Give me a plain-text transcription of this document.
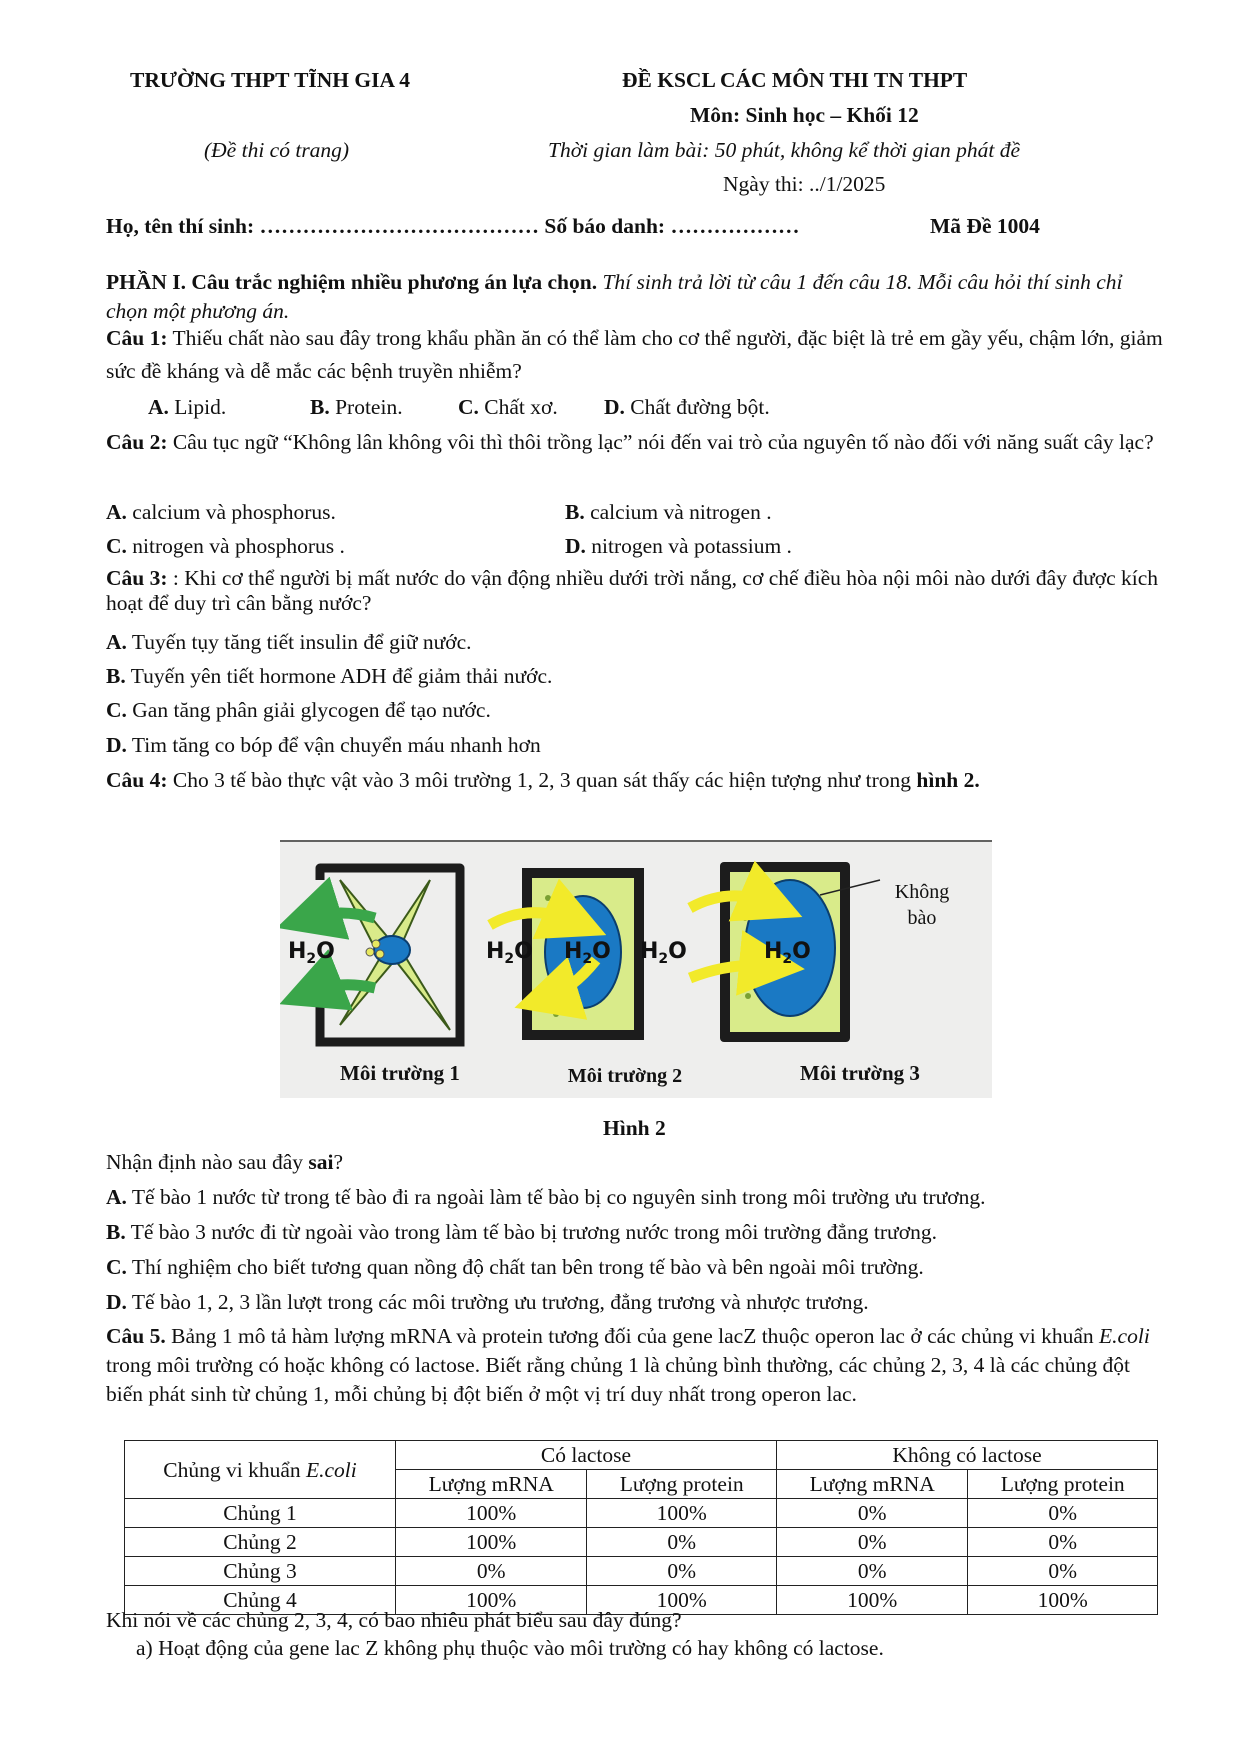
TRƯỜNG THPT TĨNH GIA 4	ĐỀ KSCL CÁC MÔN THI TN THPT
Môn: Sinh học – Khối 12
(Đề thi có trang)	Thời gian làm bài: 50 phút, không kể thời gian phát đề
Ngày thi: ../1/2025
Họ, tên thí sinh: ………………………………… Số báo danh: ………………	Mã Đề 1004
PHẦN I. Câu trắc nghiệm nhiều phương án lựa chọn. Thí sinh trả lời từ câu 1 đến câu 18. Mỗi câu hỏi thí sinh chỉ chọn một phương án.
Câu 1: Thiếu chất nào sau đây trong khẩu phần ăn có thể làm cho cơ thể người, đặc biệt là trẻ em gầy yếu, chậm lớn, giảm sức đề kháng và dễ mắc các bệnh truyền nhiễm?
A. Lipid.	B. Protein.	C. Chất xơ. D. Chất đường bột.
Câu 2: Câu tục ngữ “Không lân không vôi thì thôi trồng lạc” nói đến vai trò của nguyên tố nào đối với năng suất cây lạc?
A. calcium và phosphorus.	B. calcium và nitrogen .
C. nitrogen và phosphorus .	D. nitrogen và potassium .
Câu 3: : Khi cơ thể người bị mất nước do vận động nhiều dưới trời nắng, cơ chế điều hòa nội môi nào dưới đây được kích hoạt để duy trì cân bằng nước?
A. Tuyến tụy tăng tiết insulin để giữ nước.
B. Tuyến yên tiết hormone ADH để giảm thải nước.
C. Gan tăng phân giải glycogen để tạo nước.
D. Tim tăng co bóp để vận chuyển máu nhanh hơn
Câu 4: Cho 3 tế bào thực vật vào 3 môi trường 1, 2, 3 quan sát thấy các hiện tượng như trong hình 2.
$H_2O$	$H_2O$ $H_2O$ $H_2O$	$H_2O$
Không
bào
Môi trường 1	Môi trường 2	Môi trường 3
Hình 2
Nhận định nào sau đây sai?
A. Tế bào 1 nước từ trong tế bào đi ra ngoài làm tế bào bị co nguyên sinh trong môi trường ưu trương.
B. Tế bào 3 nước đi từ ngoài vào trong làm tế bào bị trương nước trong môi trường đẳng trương.
C. Thí nghiệm cho biết tương quan nồng độ chất tan bên trong tế bào và bên ngoài môi trường.
D. Tế bào 1, 2, 3 lần lượt trong các môi trường ưu trương, đẳng trương và nhược trương.
Câu 5. Bảng 1 mô tả hàm lượng mRNA và protein tương đối của gene lacZ thuộc operon lac ở các chủng vi khuẩn E.coli trong môi trường có hoặc không có lactose. Biết rằng chủng 1 là chủng bình thường, các chủng 2, 3, 4 là các chủng đột biến phát sinh từ chủng 1, mỗi chủng bị đột biến ở một vị trí duy nhất trong operon lac.
Chủng vi khuẩn E.coli	Có lactose		Không có lactose	
	Lượng mRNA	Lượng protein	Lượng mRNA	Lượng protein
Chủng 1	100%	100%	0%	0%
Chủng 2	100%	0%	0%	0%
Chủng 3	0%	0%	0%	0%
Chủng 4	100%	100%	100%	100%
Khi nói về các chủng 2, 3, 4, có bao nhiêu phát biểu sau đây đúng?
a) Hoạt động của gene lac Z không phụ thuộc vào môi trường có hay không có lactose.
